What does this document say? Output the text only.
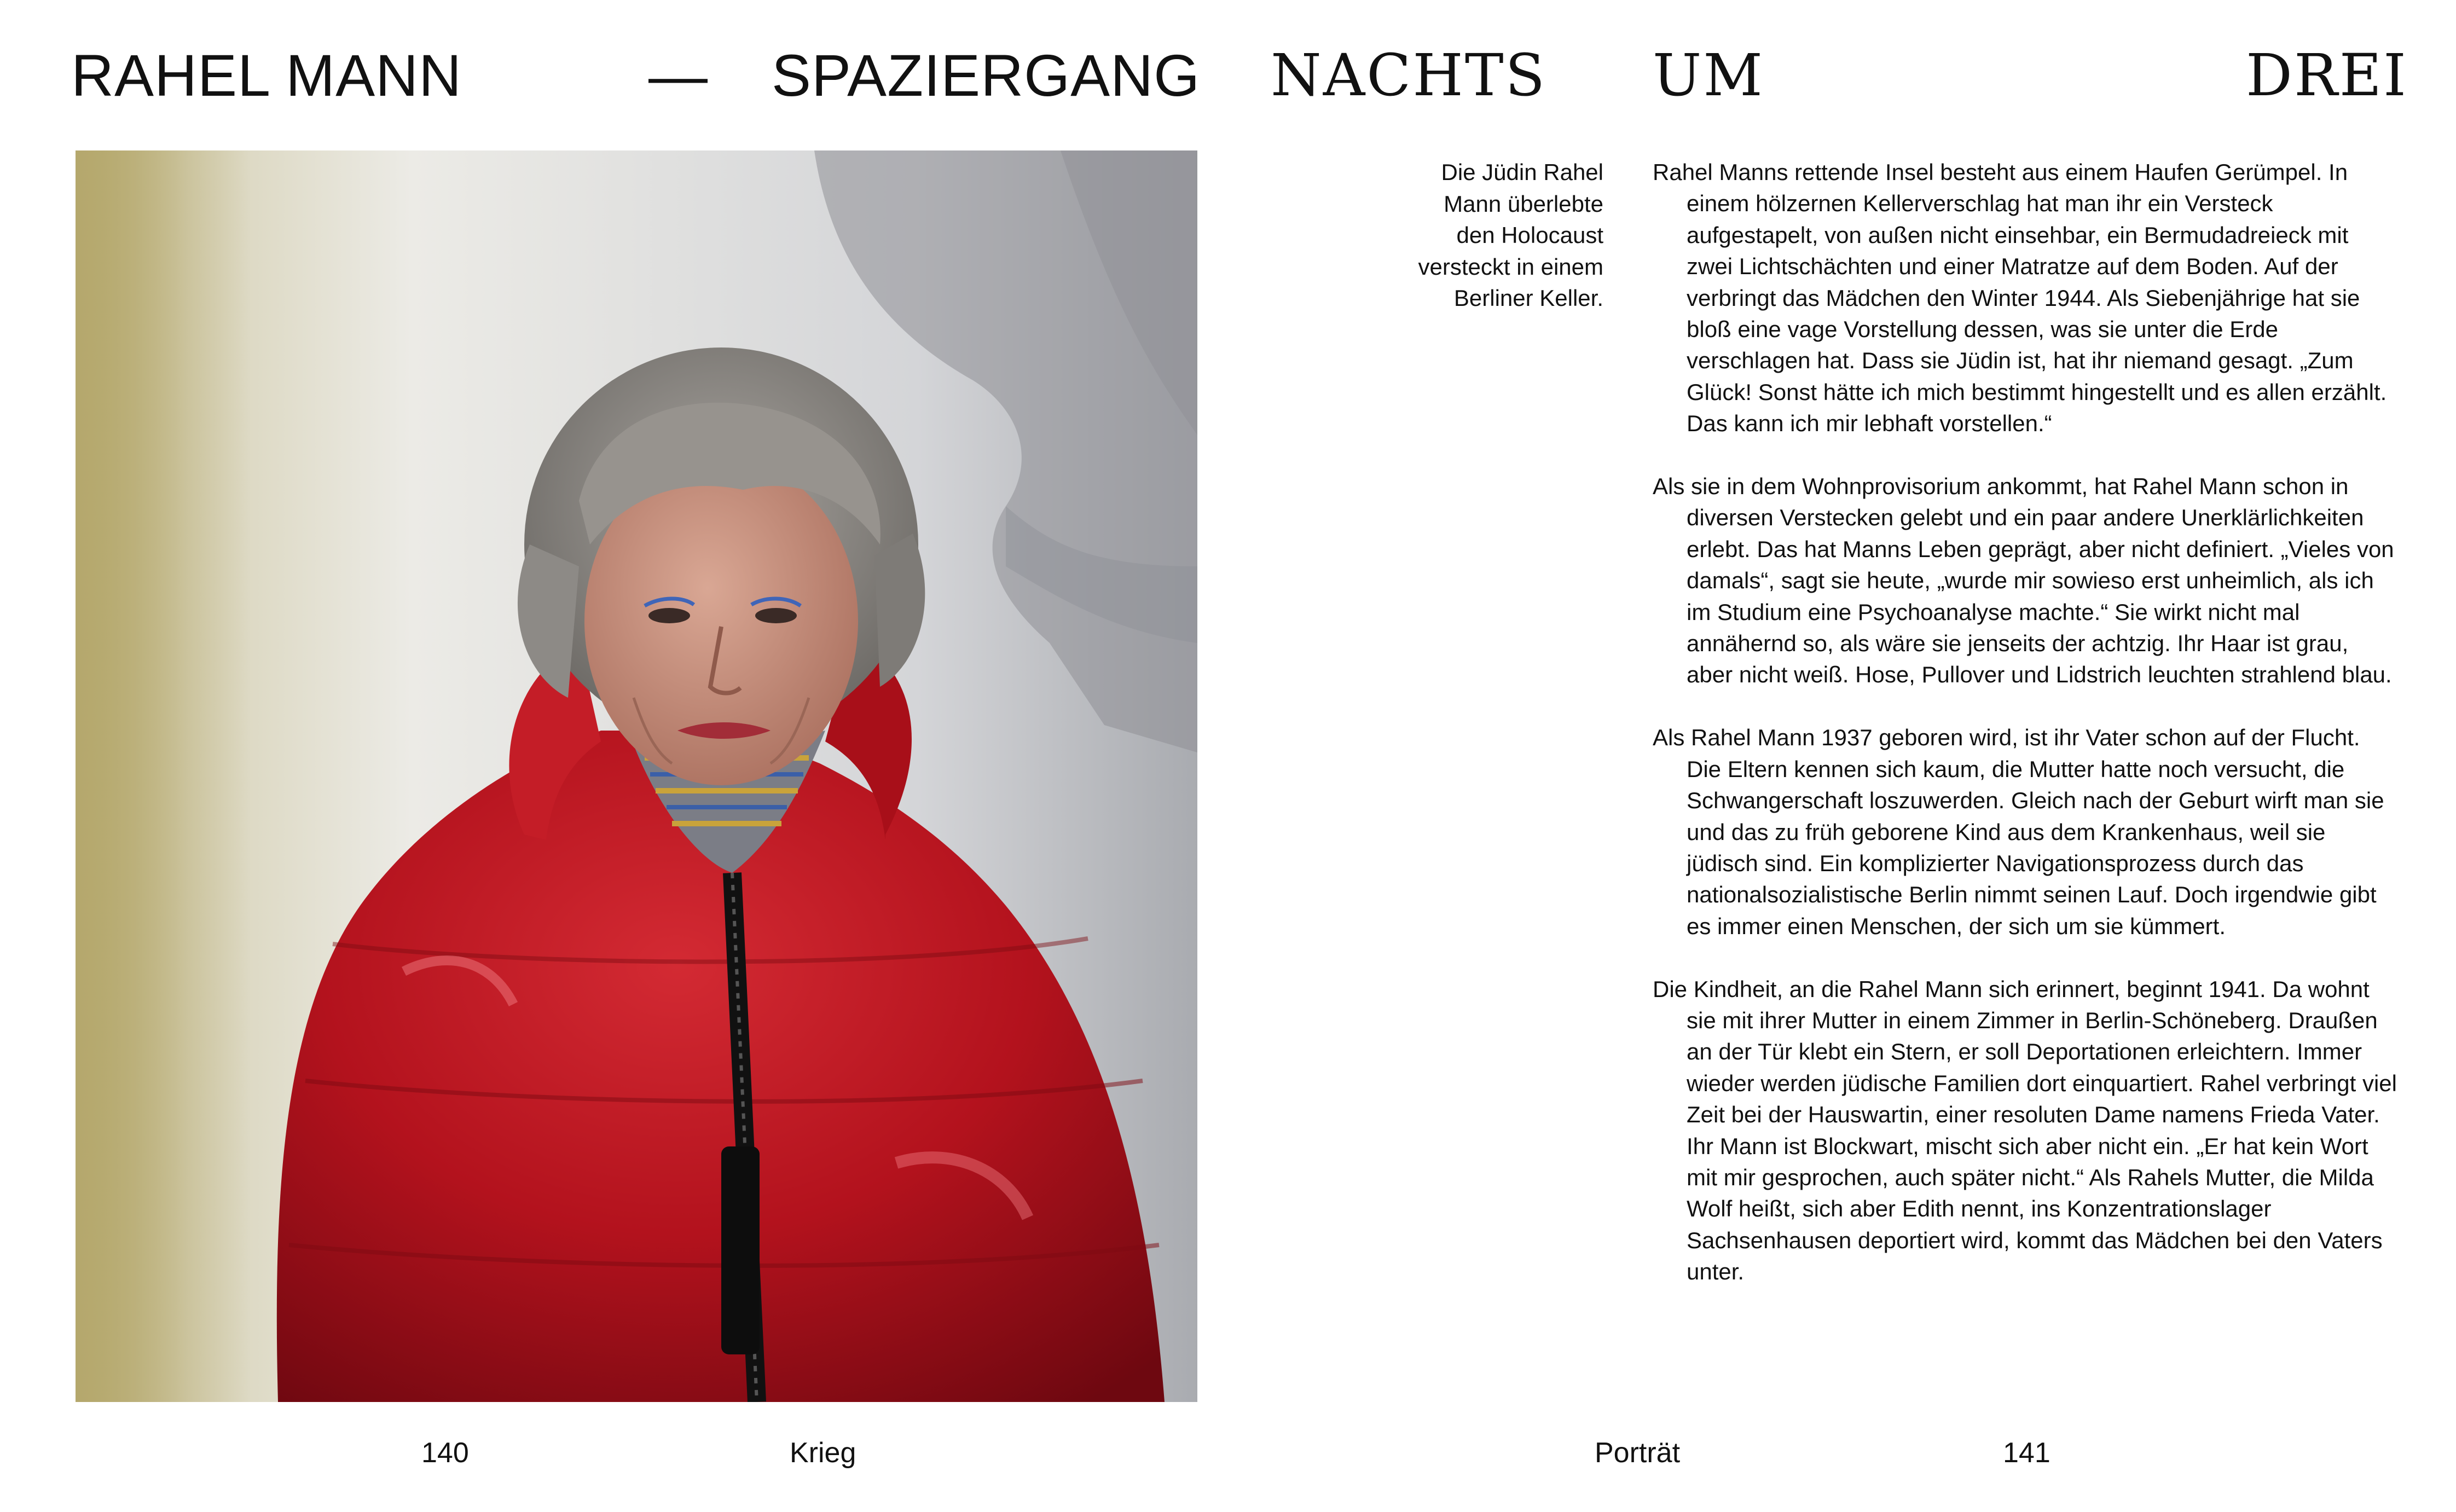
RAHEL MANN	— SPAZIERGANG NACHTS UM	DREI
Die Jüdin Rahel Mann überlebte den Holocaust versteckt in einem Berliner Keller.

Rahel Manns rettende Insel besteht aus einem Haufen Gerümpel. In einem hölzernen Kellerverschlag hat man ihr ein Versteck aufgestapelt, von außen nicht einsehbar, ein Bermudadreieck mit zwei Lichtschächten und einer Matratze auf dem Boden. Auf der verbringt das Mädchen den Winter 1944. Als Siebenjährige hat sie bloß eine vage Vorstellung dessen, was sie unter die Erde verschlagen hat. Dass sie Jüdin ist, hat ihr niemand gesagt. „Zum Glück! Sonst hätte ich mich bestimmt hingestellt und es allen erzählt. Das kann ich mir lebhaft vorstellen.“

Als sie in dem Wohnprovisorium ankommt, hat Rahel Mann schon in diversen Verstecken gelebt und ein paar andere Unerklärlichkeiten erlebt. Das hat Manns Leben geprägt, aber nicht definiert. „Vieles von damals“, sagt sie heute, „wurde mir sowieso erst unheimlich, als ich im Studium eine Psychoanalyse machte.“ Sie wirkt nicht mal annähernd so, als wäre sie jenseits der achtzig. Ihr Haar ist grau, aber nicht weiß. Hose, Pullover und Lidstrich leuchten strahlend blau.

Als Rahel Mann 1937 geboren wird, ist ihr Vater schon auf der Flucht. Die Eltern kennen sich kaum, die Mutter hatte noch versucht, die Schwangerschaft loszuwerden. Gleich nach der Geburt wirft man sie und das zu früh geborene Kind aus dem Krankenhaus, weil sie jüdisch sind. Ein komplizierter Navigationsprozess durch das nationalsozialistische Berlin nimmt seinen Lauf. Doch irgendwie gibt es immer einen Menschen, der sich um sie kümmert.

Die Kindheit, an die Rahel Mann sich erinnert, beginnt 1941. Da wohnt sie mit ihrer Mutter in einem Zimmer in Berlin-Schöneberg. Draußen an der Tür klebt ein Stern, er soll Deportationen erleichtern. Immer wieder werden jüdische Familien dort einquartiert. Rahel verbringt viel Zeit bei der Hauswartin, einer resoluten Dame namens Frieda Vater. Ihr Mann ist Blockwart, mischt sich aber nicht ein. „Er hat kein Wort mit mir gesprochen, auch später nicht.“ Als Rahels Mutter, die Milda Wolf heißt, sich aber Edith nennt, ins Konzentrationslager Sachsenhausen deportiert wird, kommt das Mädchen bei den Vaters unter.

140	Krieg	Porträt	141
